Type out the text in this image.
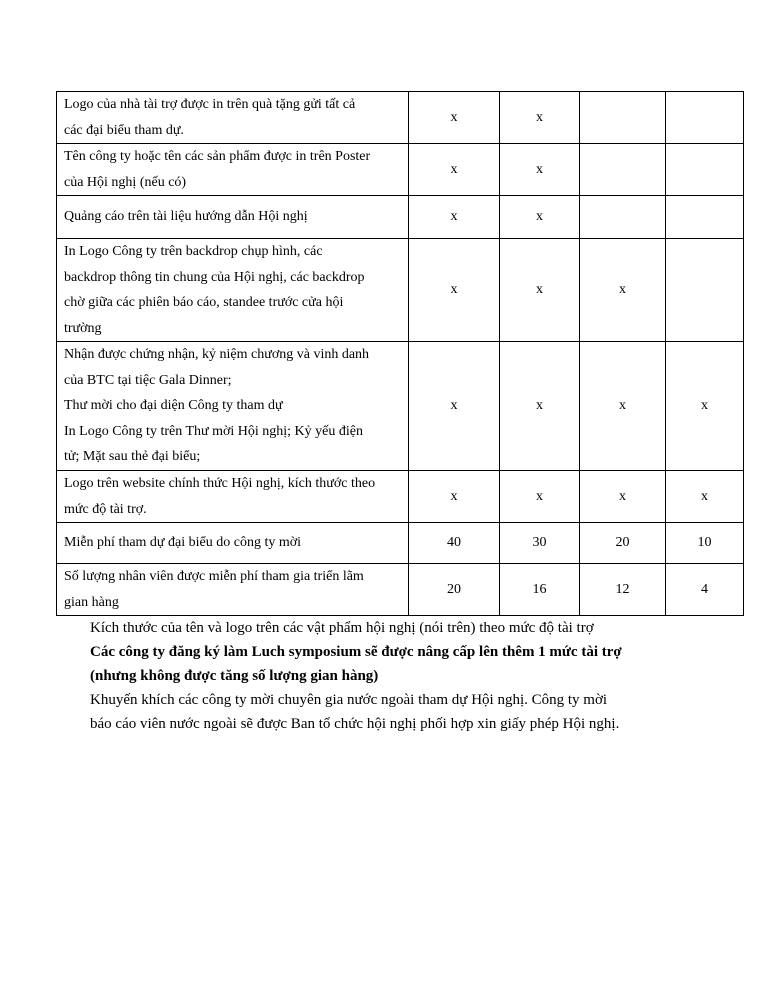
Logo của nhà tài trợ được in trên quà tặng gửi tất cả
các đại biểu tham dự.	x	x		

Tên công ty hoặc tên các sản phẩm được in trên Poster
của Hội nghị (nếu có)	x	x		

Quảng cáo trên tài liệu hướng dẫn Hội nghị	x	x		

In Logo Công ty trên backdrop chụp hình, các
backdrop thông tin chung của Hội nghị, các backdrop
chờ giữa các phiên báo cáo, standee trước cửa hội
trường	x	x	x	

Nhận được chứng nhận, kỷ niệm chương và vinh danh
của BTC tại tiệc Gala Dinner;
Thư mời cho đại diện Công ty tham dự
In Logo Công ty trên Thư mời Hội nghị; Kỷ yếu điện
tử; Mặt sau thẻ đại biểu;	x	x	x	x

Logo trên website chính thức Hội nghị, kích thước theo
mức độ tài trợ.	x	x	x	x

Miễn phí tham dự đại biểu do công ty mời	40	30	20	10

Số lượng nhân viên được miễn phí tham gia triển lãm
gian hàng	20	16	12	4

Kích thước của tên và logo trên các vật phẩm hội nghị (nói trên) theo mức độ tài trợ

Các công ty đăng ký làm Luch symposium sẽ được nâng cấp lên thêm 1 mức tài trợ

(nhưng không được tăng số lượng gian hàng)

Khuyến khích các công ty mời chuyên gia nước ngoài tham dự Hội nghị. Công ty mời

báo cáo viên nước ngoài sẽ được Ban tổ chức hội nghị phối hợp xin giấy phép Hội nghị.
